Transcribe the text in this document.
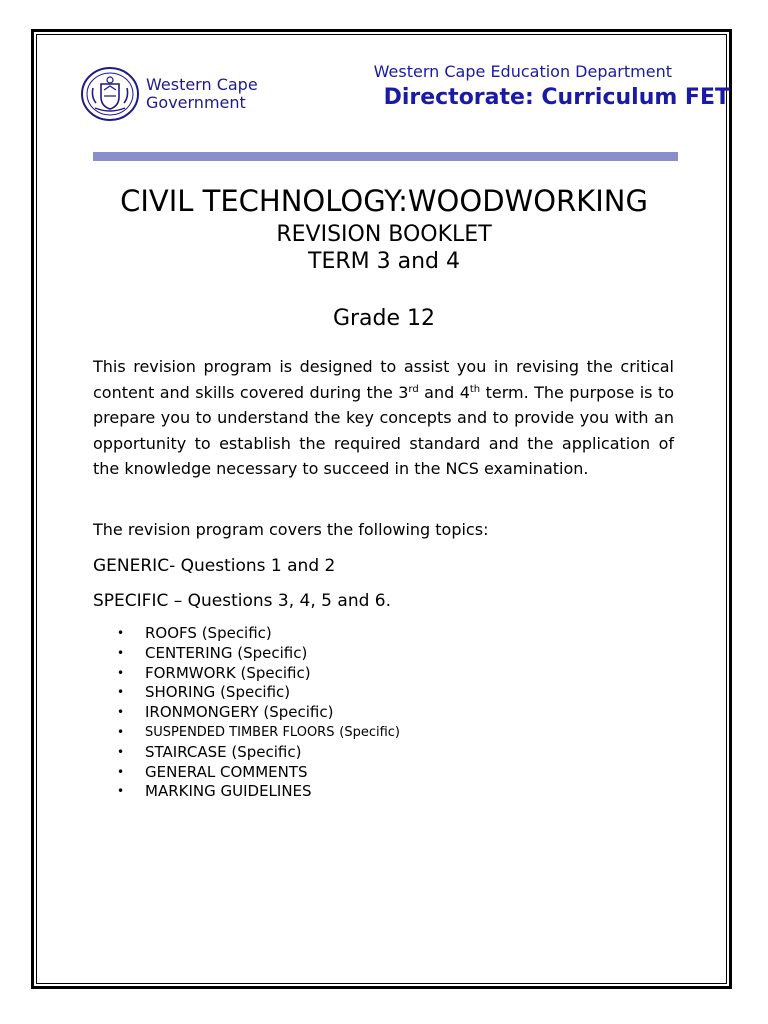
Western Cape
Government
Western Cape Education Department
Directorate: Curriculum FET
CIVIL TECHNOLOGY:WOODWORKING
REVISION BOOKLET
TERM 3 and 4
Grade 12
This revision program is designed to assist you in revising the critical content and skills covered during the 3rd and 4th term. The purpose is to prepare you to understand the key concepts and to provide you with an opportunity to establish the required standard and the application of the knowledge necessary to succeed in the NCS examination.
The revision program covers the following topics:
GENERIC- Questions 1 and 2
SPECIFIC – Questions 3, 4, 5 and 6.
•	ROOFS (Specific)
•	CENTERING (Specific)
•	FORMWORK (Specific)
•	SHORING (Specific)
•	IRONMONGERY (Specific)
•	SUSPENDED TIMBER FLOORS
(Specific)
•	STAIRCASE (Specific)
•	GENERAL COMMENTS
•	MARKING GUIDELINES
